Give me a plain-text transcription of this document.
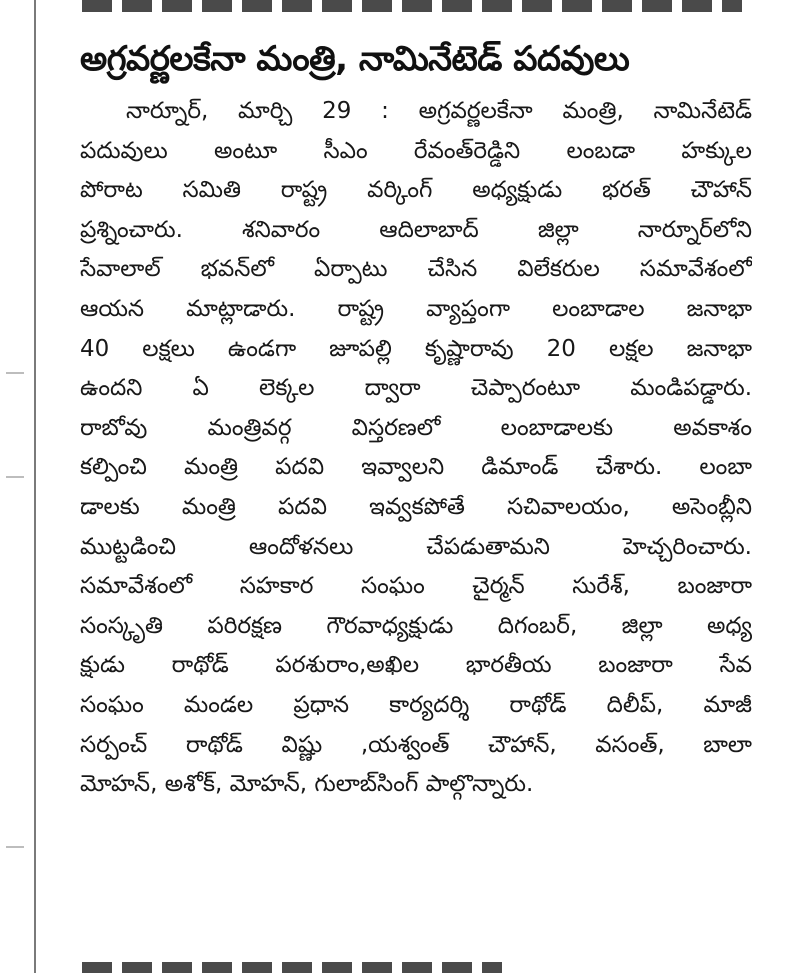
అగ్రవర్ణలకేనా మంత్రి, నామినేటెడ్ పదవులు
నార్నూర్, మార్చి 29 : అగ్రవర్ణలకేనా మంత్రి, నామినేటెడ్
పదువులు అంటూ సీఎం రేవంత్‌రెడ్డిని లంబడా హక్కుల
పోరాట సమితి రాష్ట్ర వర్కింగ్ అధ్యక్షుడు భరత్ చౌహాన్
ప్రశ్నించారు. శనివారం ఆదిలాబాద్ జిల్లా నార్నూర్‌లోని
సేవాలాల్ భవన్‌లో ఏర్పాటు చేసిన విలేకరుల సమావేశంలో
ఆయన మాట్లాడారు. రాష్ట్ర వ్యాప్తంగా లంబాడాల జనాభా
40 లక్షలు ఉండగా జూపల్లి కృష్ణారావు 20 లక్షల జనాభా
ఉందని ఏ లెక్కల ద్వారా చెప్పారంటూ మండిపడ్డారు.
రాబోవు మంత్రివర్గ విస్తరణలో లంబాడాలకు అవకాశం
కల్పించి మంత్రి పదవి ఇవ్వాలని డిమాండ్ చేశారు. లంబా
డాలకు మంత్రి పదవి ఇవ్వకపోతే సచివాలయం, అసెంబ్లీని
ముట్టడించి ఆందోళనలు చేపడుతామని హెచ్చరించారు.
సమావేశంలో సహకార సంఘం చైర్మన్ సురేశ్, బంజారా
సంస్కృతి పరిరక్షణ గౌరవాధ్యక్షుడు దిగంబర్, జిల్లా అధ్య
క్షుడు రాథోడ్ పరశురాం,అఖిల భారతీయ బంజారా సేవ
సంఘం మండల ప్రధాన కార్యదర్శి రాథోడ్ దిలీప్, మాజీ
సర్పంచ్ రాథోడ్ విష్ణు ,యశ్వంత్ చౌహాన్, వసంత్, బాలా
మోహన్, అశోక్, మోహన్, గులాబ్‌సింగ్ పాల్గొన్నారు.
